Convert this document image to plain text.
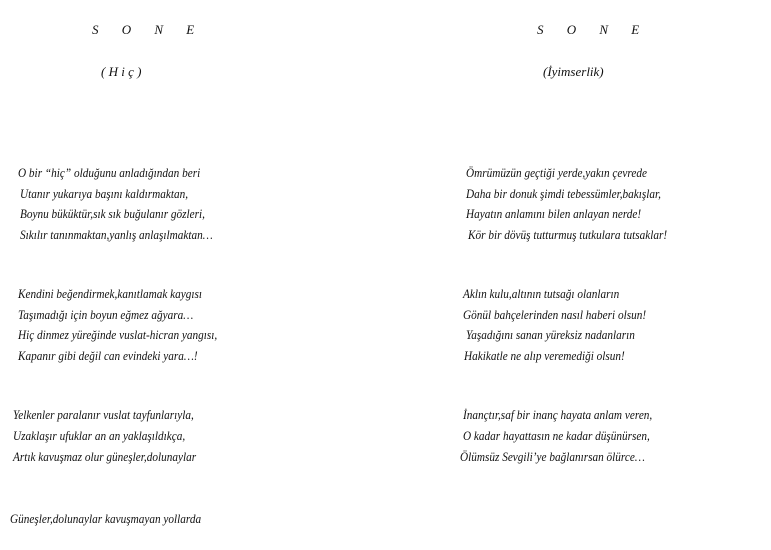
S O N E
( H i ç )
O bir “hiç” olduğunu anladığından beri
Utanır yukarıya başını kaldırmaktan,
Boynu büküktür,sık sık buğulanır gözleri,
Sıkılır tanınmaktan,yanlış anlaşılmaktan…
Kendini beğendirmek,kanıtlamak kaygısı
Taşımadığı için boyun eğmez ağyara…
Hiç dinmez yüreğinde vuslat-hicran yangısı,
Kapanır gibi değil can evindeki yara…!
Yelkenler paralanır vuslat tayfunlarıyla,
Uzaklaşır ufuklar an an yaklaşıldıkça,
Artık kavuşmaz olur güneşler,dolunaylar
Güneşler,dolunaylar kavuşmayan yollarda
S O N E
(İyimserlik)
Ömrümüzün geçtiği yerde,yakın çevrede
Daha bir donuk şimdi tebessümler,bakışlar,
Hayatın anlamını bilen anlayan nerde!
Kör bir dövüş tutturmuş tutkulara tutsaklar!
Aklın kulu,altının tutsağı olanların
Gönül bahçelerinden nasıl haberi olsun!
Yaşadığını sanan yüreksiz nadanların
Hakikatle ne alıp veremediği olsun!
İnançtır,saf bir inanç hayata anlam veren,
O kadar hayattasın ne kadar düşünürsen,
Ölümsüz Sevgili’ye bağlanırsan ölürce…
